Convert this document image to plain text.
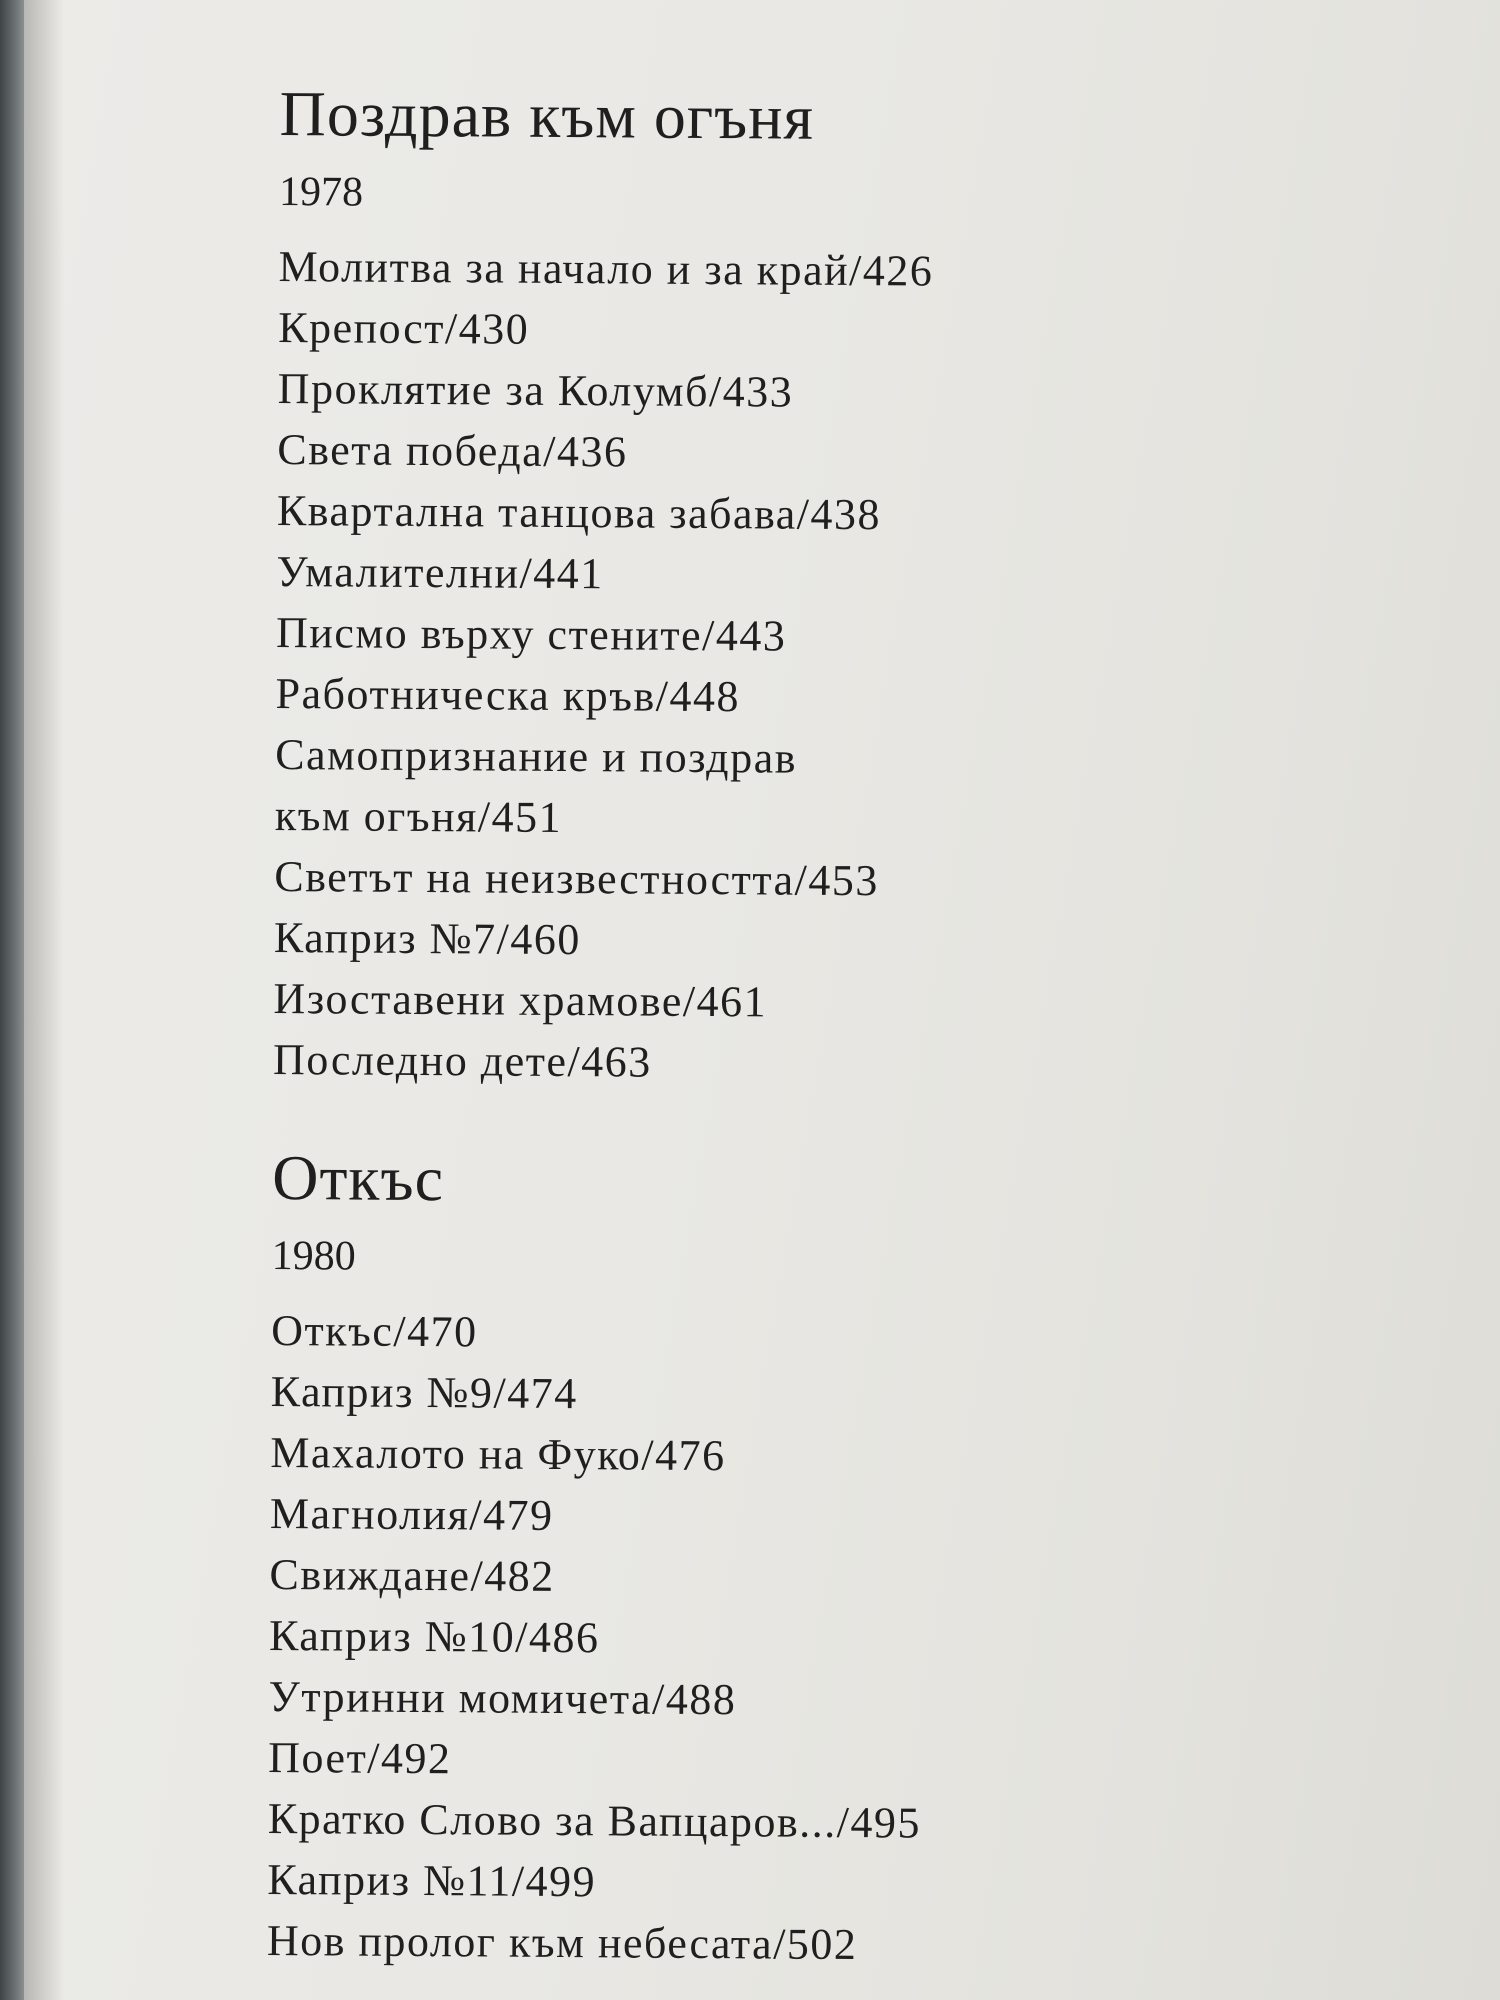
Поздрав към огъня
1978
Молитва за начало и за край/426
Крепост/430
Проклятие за Колумб/433
Света победа/436
Квартална танцова забава/438
Умалителни/441
Писмо върху стените/443
Работническа кръв/448
Самопризнание и поздрав
към огъня/451
Светът на неизвестността/453
Каприз №7/460
Изоставени храмове/461
Последно дете/463
Откъс
1980
Откъс/470
Каприз №9/474
Махалото на Фуко/476
Магнолия/479
Свиждане/482
Каприз №10/486
Утринни момичета/488
Поет/492
Кратко Слово за Вапцаров.../495
Каприз №11/499
Нов пролог към небесата/502
